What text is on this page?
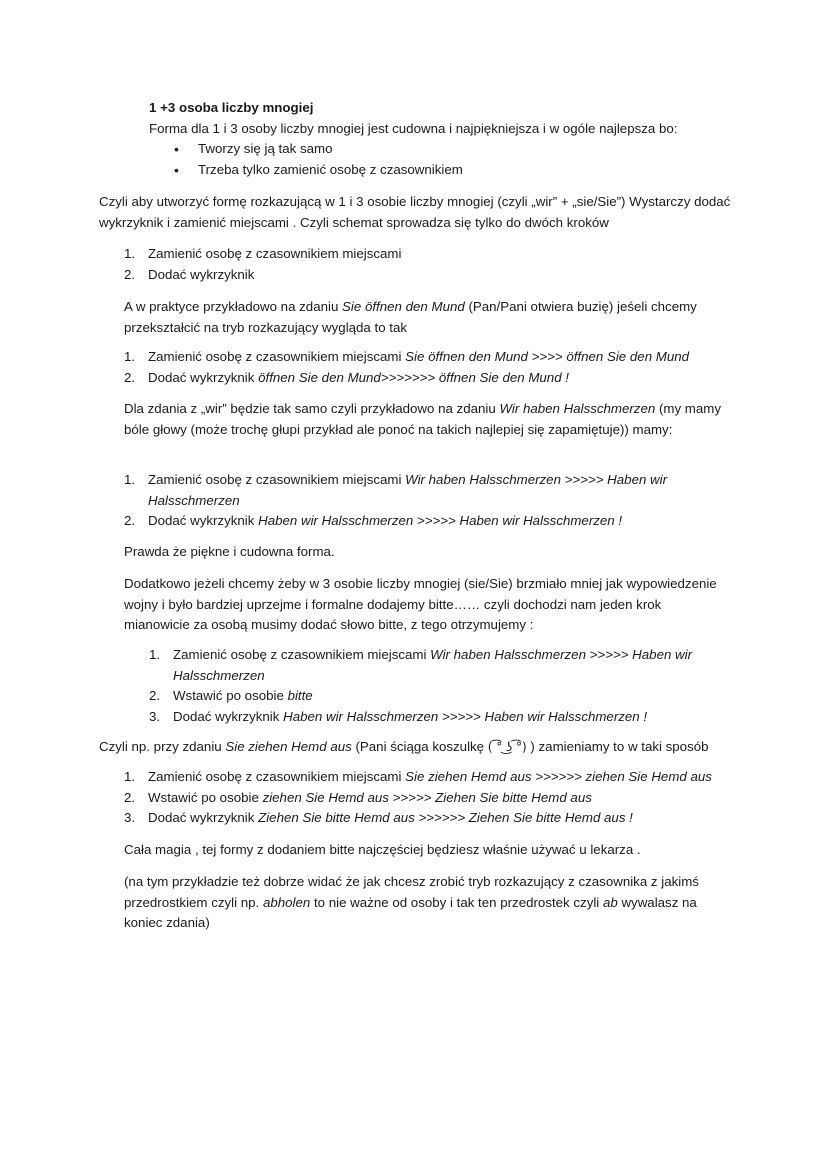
1 +3 osoba liczby mnogiej
Forma dla 1 i 3 osoby liczby mnogiej jest cudowna i najpiękniejsza i w ogóle najlepsza bo:
• Tworzy się ją tak samo
• Trzeba tylko zamienić osobę z czasownikiem

Czyli aby utworzyć formę rozkazującą w 1 i 3 osobie liczby mnogiej (czyli „wir” + „sie/Sie”) Wystarczy dodać wykrzyknik i zamienić miejscami . Czyli schemat sprowadza się tylko do dwóch kroków

1. Zamienić osobę z czasownikiem miejscami
2. Dodać wykrzyknik

A w praktyce przykładowo na zdaniu Sie öffnen den Mund (Pan/Pani otwiera buzię) jeśeli chcemy przekształcić na tryb rozkazujący wygląda to tak

1. Zamienić osobę z czasownikiem miejscami Sie öffnen den Mund >>>> öffnen Sie den Mund
2. Dodać wykrzyknik öffnen Sie den Mund>>>>>>> öffnen Sie den Mund !

Dla zdania z „wir” będzie tak samo czyli przykładowo na zdaniu Wir haben Halsschmerzen (my mamy bóle głowy (może trochę głupi przykład ale ponoć na takich najlepiej się zapamiętuje)) mamy:

1. Zamienić osobę z czasownikiem miejscami Wir haben Halsschmerzen >>>>> Haben wir Halsschmerzen
2. Dodać wykrzyknik Haben wir Halsschmerzen >>>>> Haben wir Halsschmerzen !

Prawda że piękne i cudowna forma.

Dodatkowo jeżeli chcemy żeby w 3 osobie liczby mnogiej (sie/Sie) brzmiało mniej jak wypowiedzenie wojny i było bardziej uprzejme i formalne dodajemy bitte…… czyli dochodzi nam jeden krok mianowicie za osobą musimy dodać słowo bitte, z tego otrzymujemy :

1. Zamienić osobę z czasownikiem miejscami Wir haben Halsschmerzen >>>>> Haben wir Halsschmerzen
2. Wstawić po osobie bitte
3. Dodać wykrzyknik Haben wir Halsschmerzen >>>>> Haben wir Halsschmerzen !

Czyli np. przy zdaniu Sie ziehen Hemd aus (Pani ściąga koszulkę ( ͡° ͜ʖ ͡°) ) zamieniamy to w taki sposób

1. Zamienić osobę z czasownikiem miejscami Sie ziehen Hemd aus >>>>>> ziehen Sie Hemd aus
2. Wstawić po osobie ziehen Sie Hemd aus >>>>> Ziehen Sie bitte Hemd aus
3. Dodać wykrzyknik Ziehen Sie bitte Hemd aus >>>>>> Ziehen Sie bitte Hemd aus !

Cała magia , tej formy z dodaniem bitte najczęściej będziesz właśnie używać u lekarza .

(na tym przykładzie też dobrze widać że jak chcesz zrobić tryb rozkazujący z czasownika z jakimś przedrostkiem czyli np. abholen to nie ważne od osoby i tak ten przedrostek czyli ab wywalasz na koniec zdania)
